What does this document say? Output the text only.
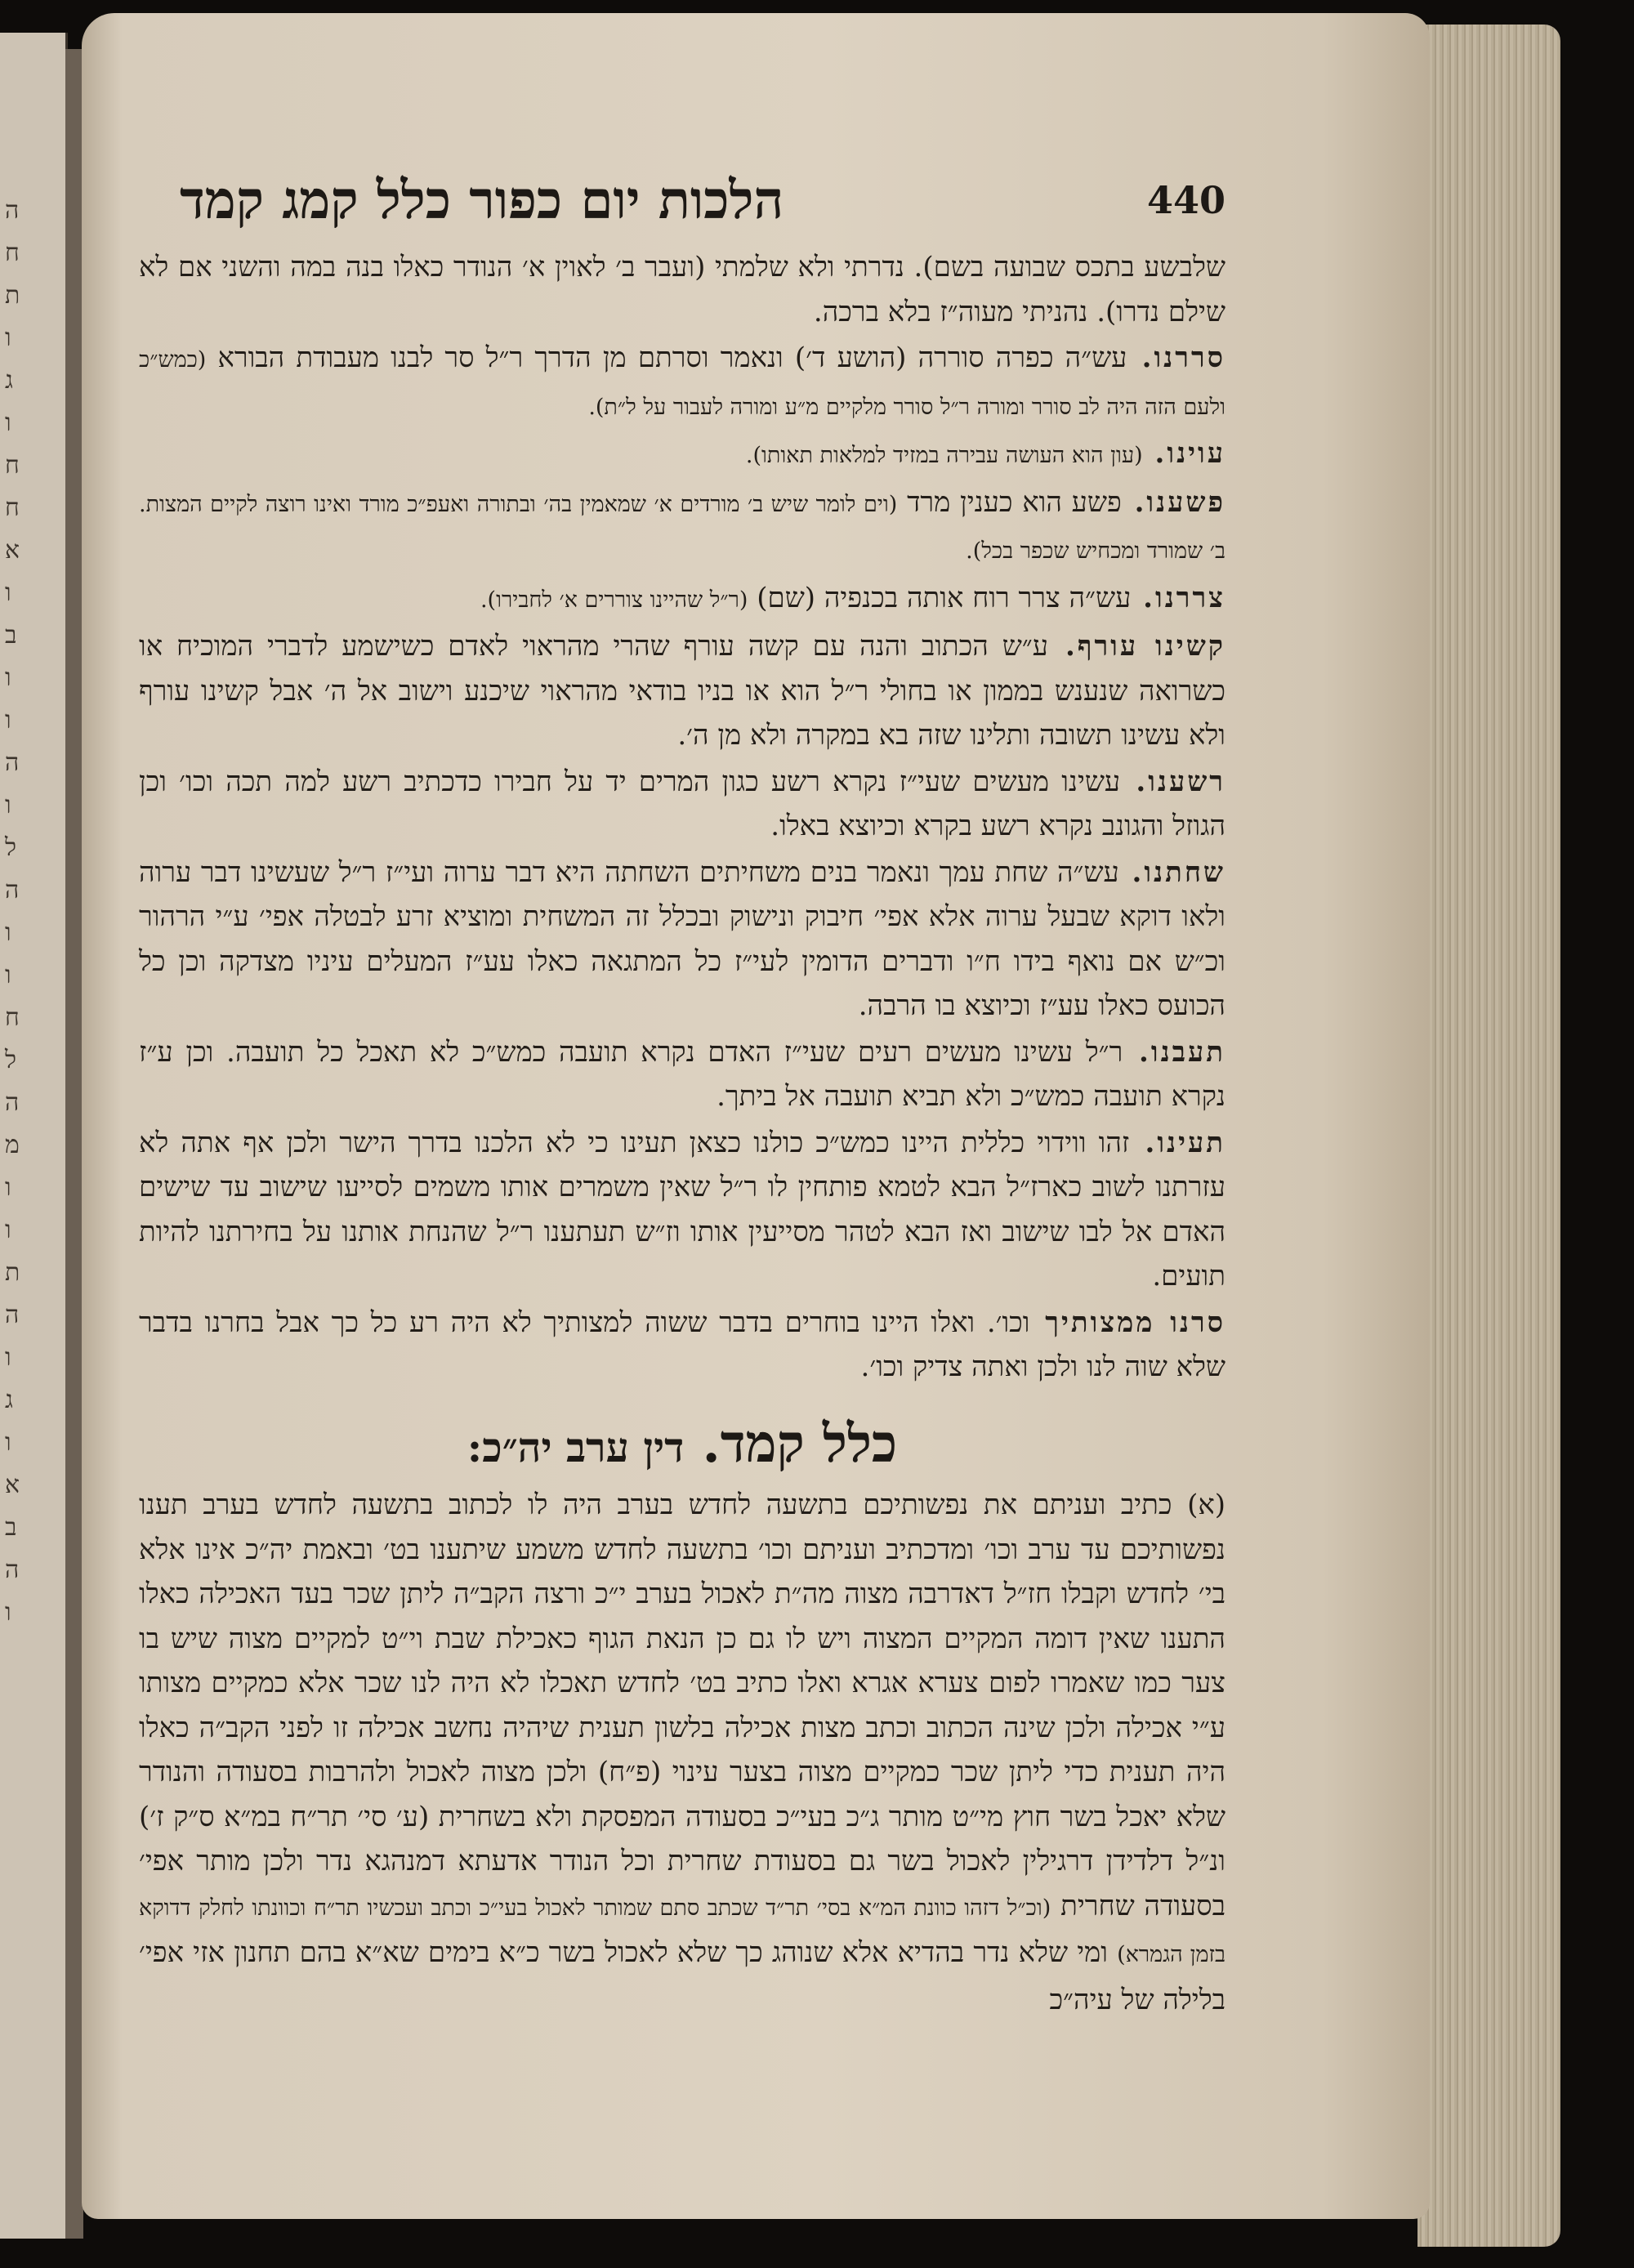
ה
ח
ת
ו
ג
ו
ח
ח
א
ו
ב
ו
ו
ה
ו
ל
ה
ו
ו
ח
ל
ה
מ
ו
ו
ת
ה
ו
ג
ו
א
ב
ה
ו
הלכות יום כפור כלל קמג קמד	440

שלבשע בתכס שבועה בשם). נדרתי ולא שלמתי (ועבר ב׳ לאוין א׳ הנודר כאלו בנה במה והשני אם לא שילם נדרו). נהניתי מעוה״ז בלא ברכה.

סררנו. עש״ה כפרה סוררה (הושע ד׳) ונאמר וסרתם מן הדרך ר״ל סר לבנו מעבודת הבורא (כמש״כ ולעם הזה היה לב סורר ומורה ר״ל סורר מלקיים מ״ע ומורה לעבור על ל״ת).

עוינו. (עון הוא העושה עבירה במזיד למלאות תאותו).

פשענו. פשע הוא כענין מרד (וים לומר שיש ב׳ מורדים א׳ שמאמין בה׳ ובתורה ואעפ״כ מורד ואינו רוצה לקיים המצות. ב׳ שמורד ומכחיש שכפר בכל).

צררנו. עש״ה צרר רוח אותה בכנפיה (שם) (ר״ל שהיינו צוררים א׳ לחבירו).

קשינו עורף. ע״ש הכתוב והנה עם קשה עורף שהרי מהראוי לאדם כשישמע לדברי המוכיח או כשרואה שנענש בממון או בחולי ר״ל הוא או בניו בודאי מהראוי שיכנע וישוב אל ה׳ אבל קשינו עורף ולא עשינו תשובה ותלינו שזה בא במקרה ולא מן ה׳.

רשענו. עשינו מעשים שעי״ז נקרא רשע כגון המרים יד על חבירו כדכתיב רשע למה תכה וכו׳ וכן הגוזל והגונב נקרא רשע בקרא וכיוצא באלו.

שחתנו. עש״ה שחת עמך ונאמר בנים משחיתים השחתה היא דבר ערוה ועי״ז ר״ל שעשינו דבר ערוה ולאו דוקא שבעל ערוה אלא אפי׳ חיבוק ונישוק ובכלל זה המשחית ומוציא זרע לבטלה אפי׳ ע״י הרהור וכ״ש אם נואף בידו ח״ו ודברים הדומין לעי״ז כל המתגאה כאלו עע״ז המעלים עיניו מצדקה וכן כל הכועס כאלו עע״ז וכיוצא בו הרבה.

תעבנו. ר״ל עשינו מעשים רעים שעי״ז האדם נקרא תועבה כמש״כ לא תאכל כל תועבה. וכן ע״ז נקרא תועבה כמש״כ ולא תביא תועבה אל ביתך.

תעינו. זהו ווידוי כללית היינו כמש״כ כולנו כצאן תעינו כי לא הלכנו בדרך הישר ולכן אף אתה לא עזרתנו לשוב כארז״ל הבא לטמא פותחין לו ר״ל שאין משמרים אותו משמים לסייעו שישוב עד שישים האדם אל לבו שישוב ואז הבא לטהר מסייעין אותו וז״ש תעתענו ר״ל שהנחת אותנו על בחירתנו להיות תועים.

סרנו ממצותיך וכו׳. ואלו היינו בוחרים בדבר ששוה למצותיך לא היה רע כל כך אבל בחרנו בדבר שלא שוה לנו ולכן ואתה צדיק וכו׳.

כלל קמד. דין ערב יה״כ:
(א) כתיב ועניתם את נפשותיכם בתשעה לחדש בערב היה לו לכתוב בתשעה לחדש בערב תענו נפשותיכם עד ערב וכו׳ ומדכתיב ועניתם וכו׳ בתשעה לחדש משמע שיתענו בט׳ ובאמת יה״כ אינו אלא בי׳ לחדש וקבלו חז״ל דאדרבה מצוה מה״ת לאכול בערב י״כ ורצה הקב״ה ליתן שכר בעד האכילה כאלו התענו שאין דומה המקיים המצוה ויש לו גם כן הנאת הגוף כאכילת שבת וי״ט למקיים מצוה שיש בו צער כמו שאמרו לפום צערא אגרא ואלו כתיב בט׳ לחדש תאכלו לא היה לנו שכר אלא כמקיים מצותו ע״י אכילה ולכן שינה הכתוב וכתב מצות אכילה בלשון תענית שיהיה נחשב אכילה זו לפני הקב״ה כאלו היה תענית כדי ליתן שכר כמקיים מצוה בצער עינוי (פ״ח) ולכן מצוה לאכול ולהרבות בסעודה והנודר שלא יאכל בשר חוץ מי״ט מותר ג״כ בעי״כ בסעודה המפסקת ולא בשחרית (ע׳ סי׳ תר״ח במ״א ס״ק ז׳) ונ״ל דלדידן דרגילין לאכול בשר גם בסעודת שחרית וכל הנודר אדעתא דמנהגא נדר ולכן מותר אפי׳ בסעודה שחרית (וכ״ל דזהו כוונת המ״א בסי׳ תר״ד שכתב סתם שמותר לאכול בעי״כ וכתב ועכשיו תר״ח וכוונתו לחלק דדוקא בזמן הגמרא) ומי שלא נדר בהדיא אלא שנוהג כך שלא לאכול בשר כ״א בימים שא״א בהם תחנון אזי אפי׳ בלילה של עיה״כ
